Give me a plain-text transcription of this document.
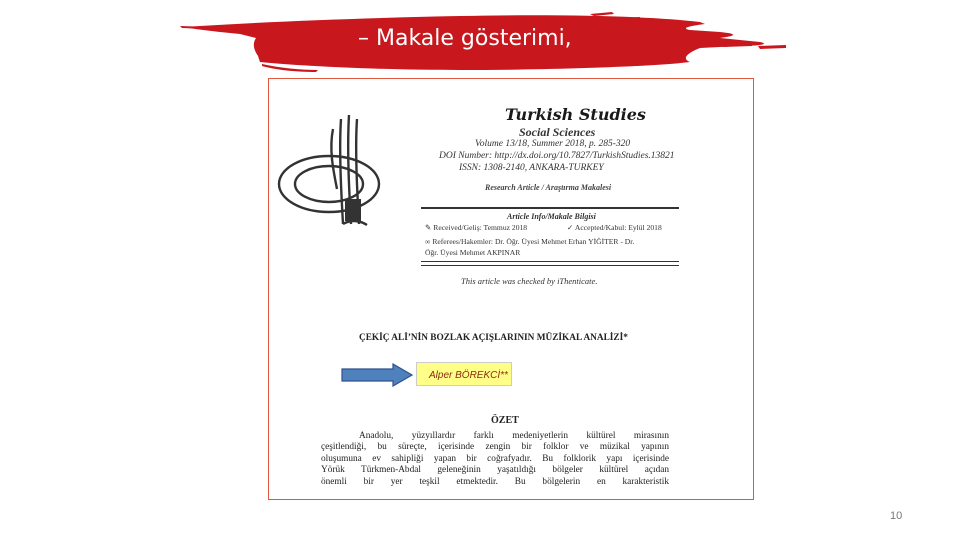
– Makale gösterimi,
Turkish Studies
Social Sciences
Volume 13/18, Summer 2018, p. 285-320
DOI Number: http://dx.doi.org/10.7827/TurkishStudies.13821
ISSN: 1308-2140, ANKARA-TURKEY
Research Article / Araştırma Makalesi
Article Info/Makale Bilgisi
✎ Received/Geliş: Temmuz 2018	✓ Accepted/Kabul: Eylül 2018
∞ Referees/Hakemler: Dr. Öğr. Üyesi Mehmet Erhan YİĞİTER - Dr.
Öğr. Üyesi Mehmet AKPINAR
This article was checked by iThenticate.
ÇEKİÇ ALİ’NİN BOZLAK AÇIŞLARININ MÜZİKAL ANALİZİ*
Alper BÖREKCİ**
ÖZET
Anadolu, yüzyıllardır farklı medeniyetlerin kültürel mirasının
çeşitlendiği, bu süreçte, içerisinde zengin bir folklor ve müzikal yapının
oluşumuna ev sahipliği yapan bir coğrafyadır. Bu folklorik yapı içerisinde
Yörük Türkmen-Abdal geleneğinin yaşatıldığı bölgeler kültürel açıdan
önemli bir yer teşkil etmektedir. Bu bölgelerin en karakteristik
10
